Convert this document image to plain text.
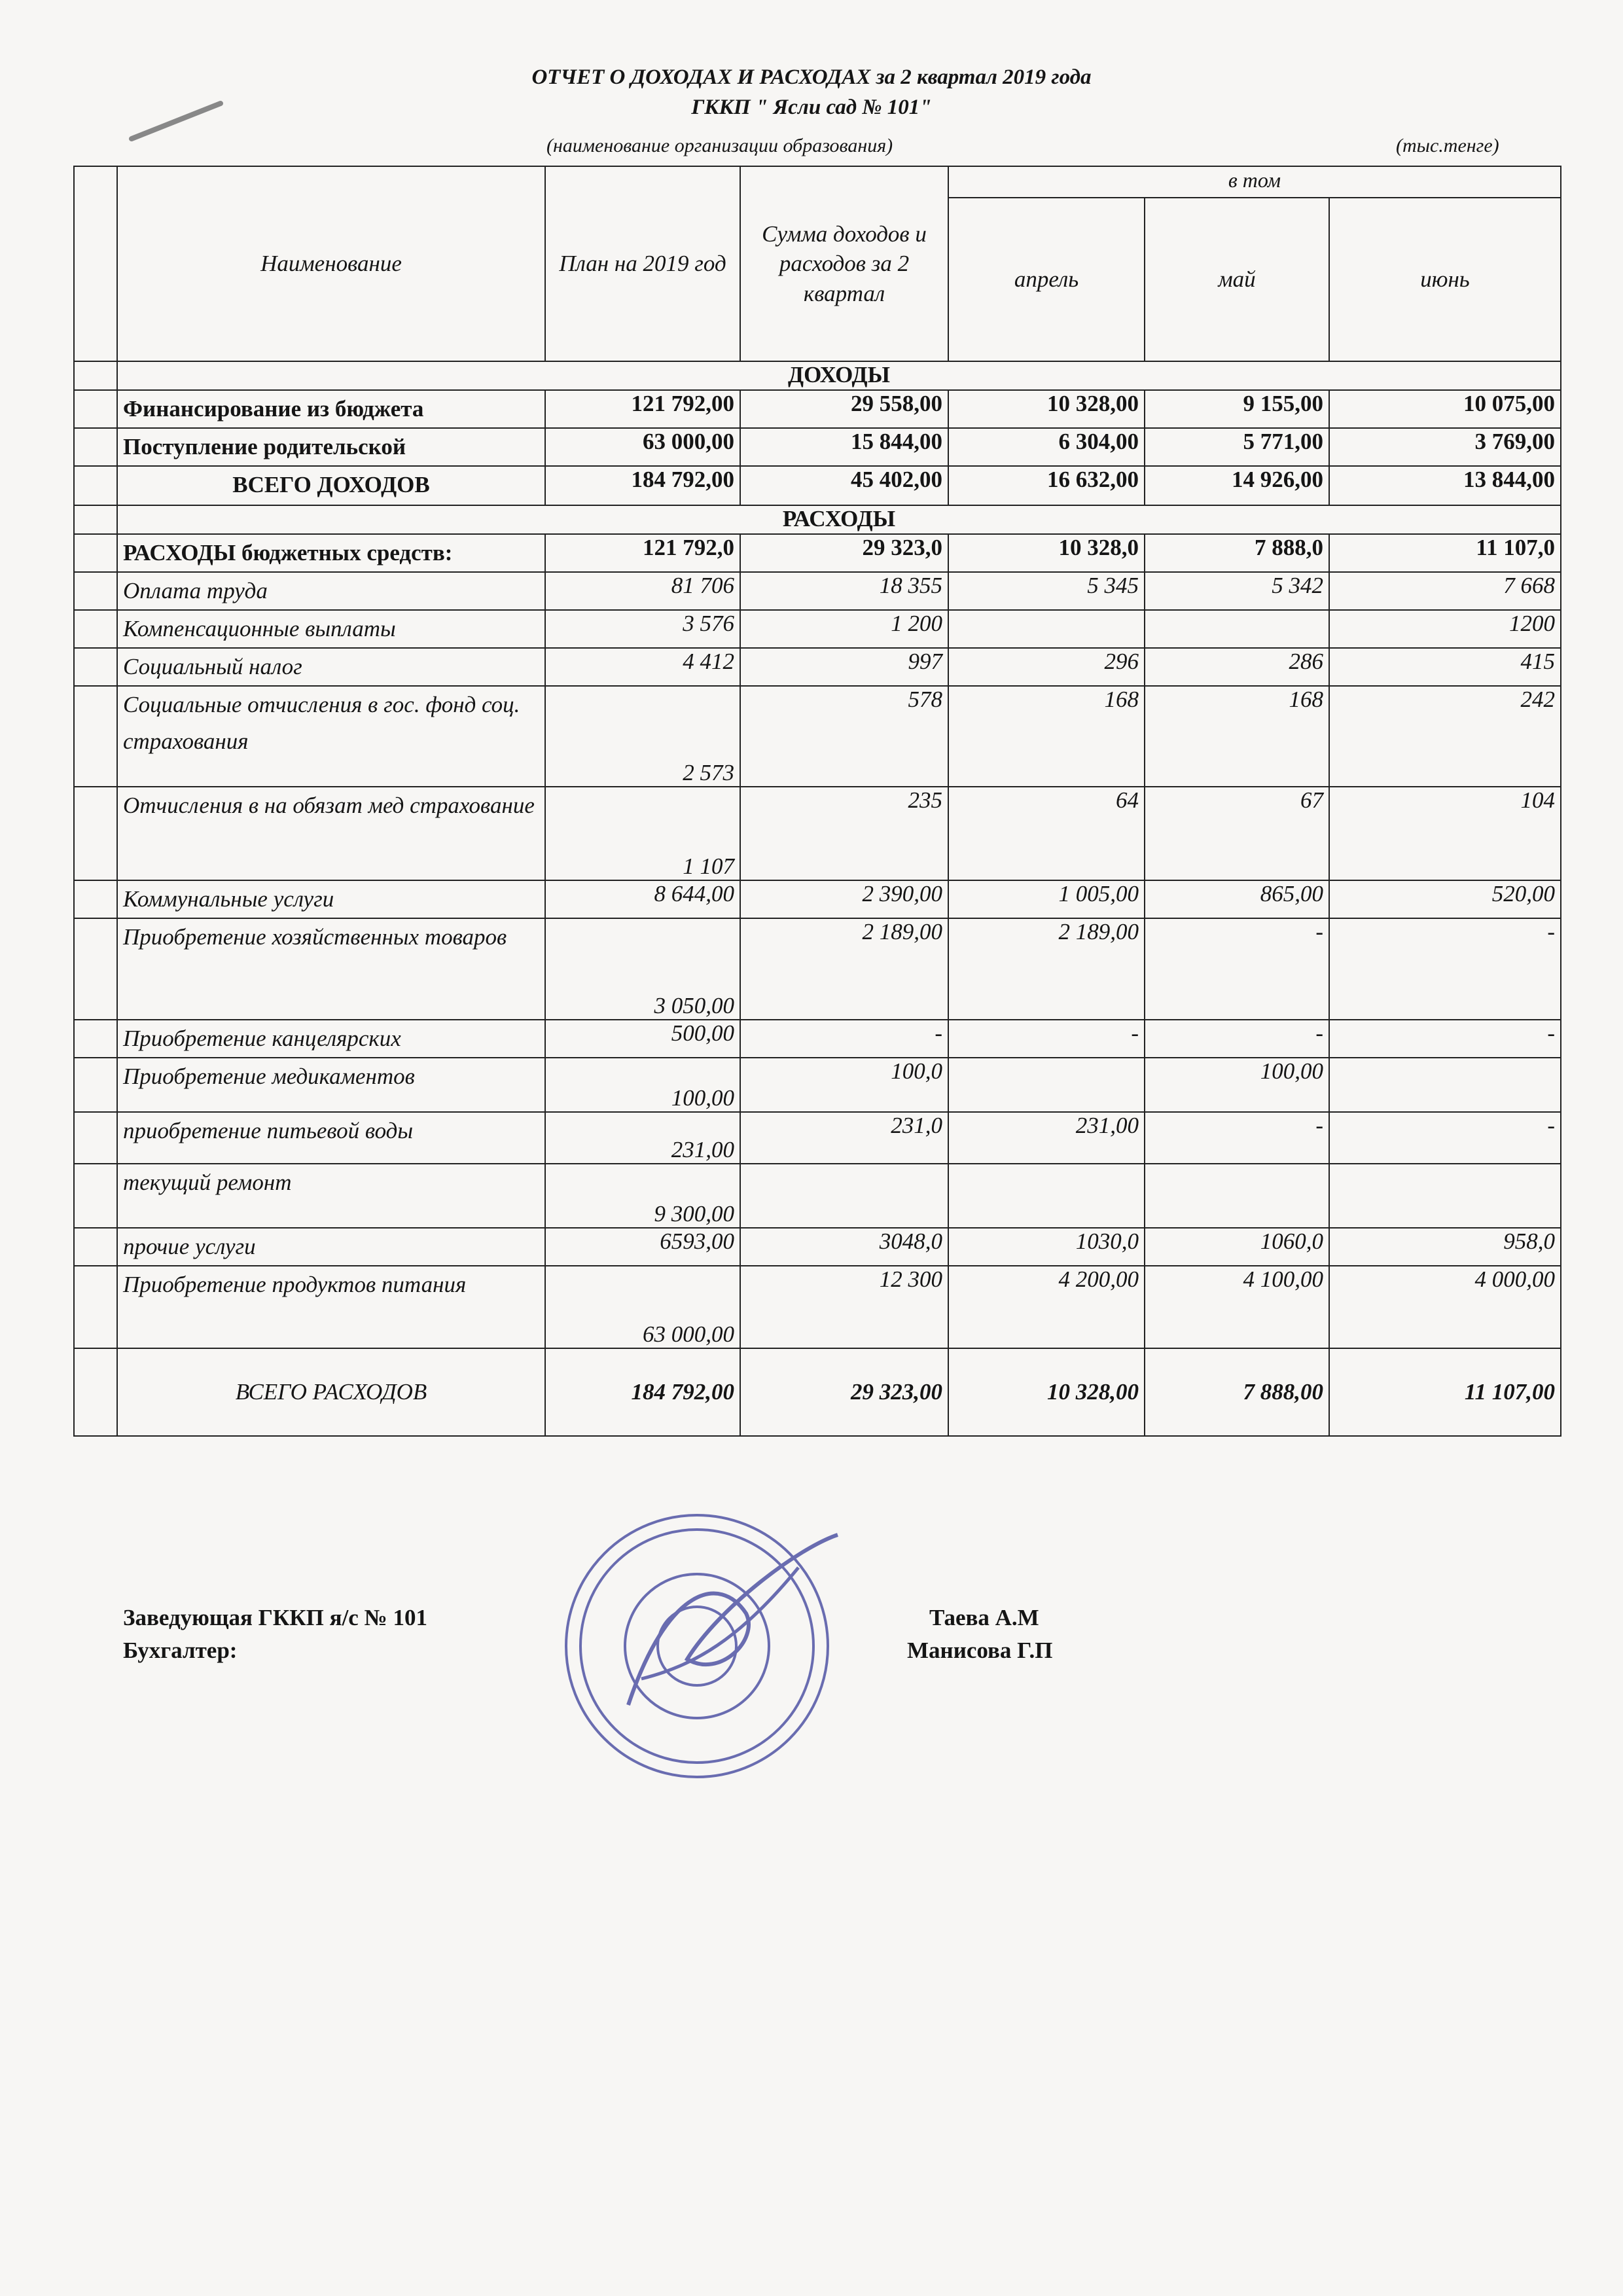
ОТЧЕТ О ДОХОДАХ И РАСХОДАХ за 2 квартал 2019 года
ГККП " Ясли сад № 101"
(наименование организации образования)	(тыс.тенге)
	Наименование	План на 2019 год	Сумма доходов и расходов за 2 квартал	в том		
				апрель	май	июнь
	ДОХОДЫ					
	Финансирование из бюджета	121 792,00	29 558,00	10 328,00	9 155,00	10 075,00
	Поступление родительской	63 000,00	15 844,00	6 304,00	5 771,00	3 769,00
	ВСЕГО ДОХОДОВ	184 792,00	45 402,00	16 632,00	14 926,00	13 844,00
	РАСХОДЫ					
	РАСХОДЫ бюджетных средств:	121 792,0	29 323,0	10 328,0	7 888,0	11 107,0
	Оплата труда	81 706	18 355	5 345	5 342	7 668
	Компенсационные выплаты	3 576	1 200			1200
	Социальный налог	4 412	997	296	286	415
	Социальные отчисления в гос. фонд соц. страхования	2 573	578	168	168	242
	Отчисления в на обязат мед страхование	1 107	235	64	67	104
	Коммунальные услуги	8 644,00	2 390,00	1 005,00	865,00	520,00
	Приобретение хозяйственных товаров	3 050,00	2 189,00	2 189,00	-	-
	Приобретение канцелярских	500,00	-	-	-	-
	Приобретение медикаментов	100,00	100,0		100,00	
	приобретение питьевой воды	231,00	231,0	231,00	-	-
	текущий ремонт	9 300,00				
	прочие услуги	6593,00	3048,0	1030,0	1060,0	958,0
	Приобретение продуктов питания	63 000,00	12 300	4 200,00	4 100,00	4 000,00
	ВСЕГО РАСХОДОВ	184 792,00	29 323,00	10 328,00	7 888,00	11 107,00
Заведующая ГККП я/с № 101	Таева А.М
Бухгалтер:	Манисова Г.П
